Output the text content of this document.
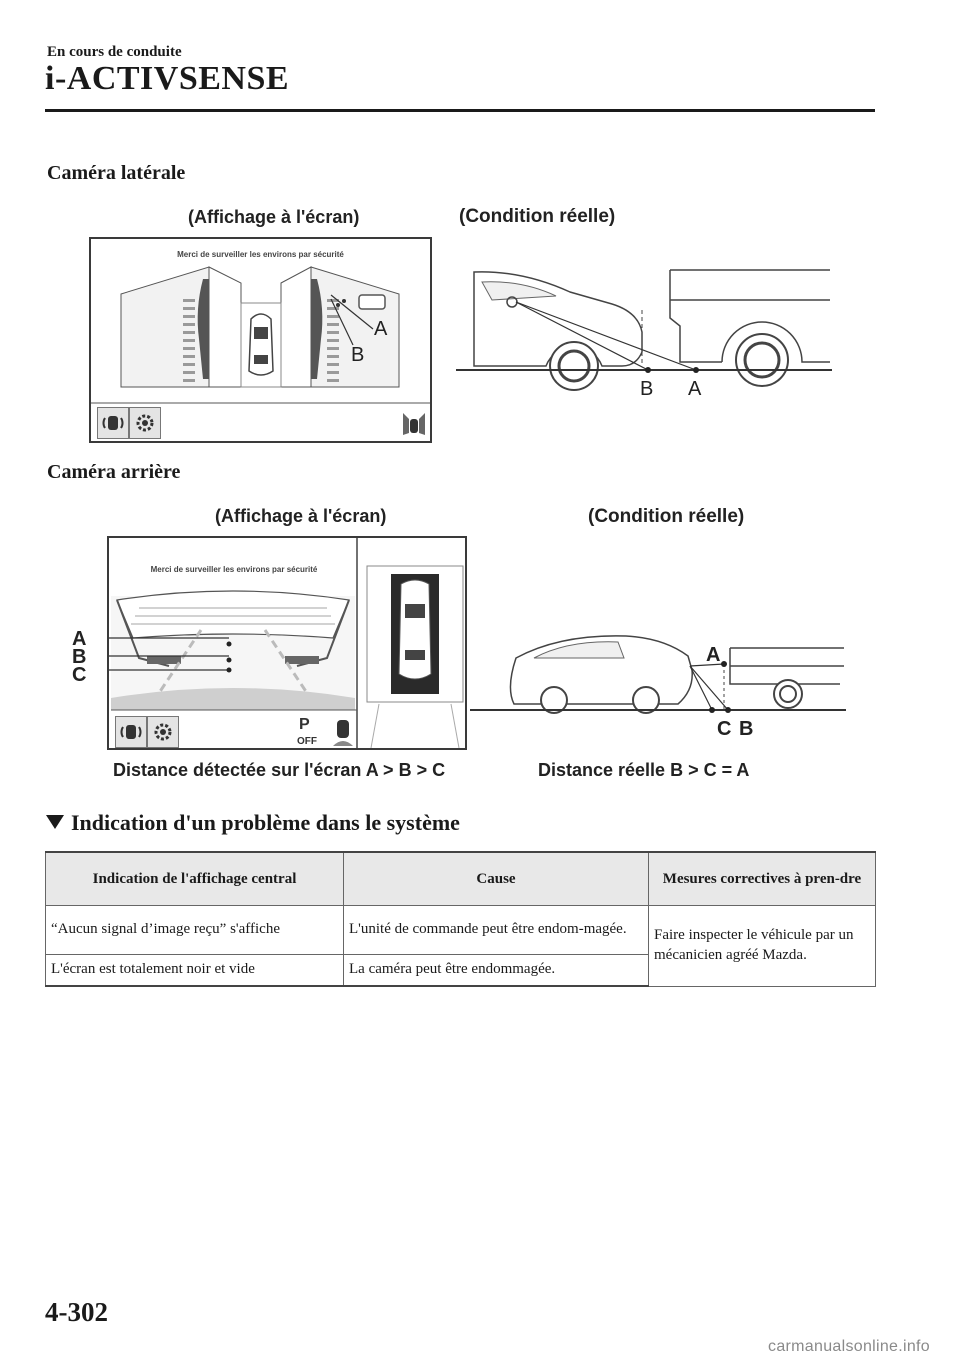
En cours de conduite
i-ACTIVSENSE
Caméra latérale
(Affichage à l'écran)	(Condition réelle)
Merci de surveiller les environs par sécurité
A
B
B A
Caméra arrière
(Affichage à l'écran)	(Condition réelle)
Merci de surveiller les environs par sécurité
P
OFF
A
B
C
A
C B
Distance détectée sur l'écran A > B > C	Distance réelle B > C = A
Indication d'un problème dans le système
Indication de l'affichage central	Cause	Mesures correctives à pren-dre
“Aucun signal d’image reçu” s'affiche	L'unité de commande peut être endom-magée.	Faire inspecter le véhicule par un mécanicien agréé Mazda.
L'écran est totalement noir et vide	La caméra peut être endommagée.	
4-302
carmanualsonline.info
